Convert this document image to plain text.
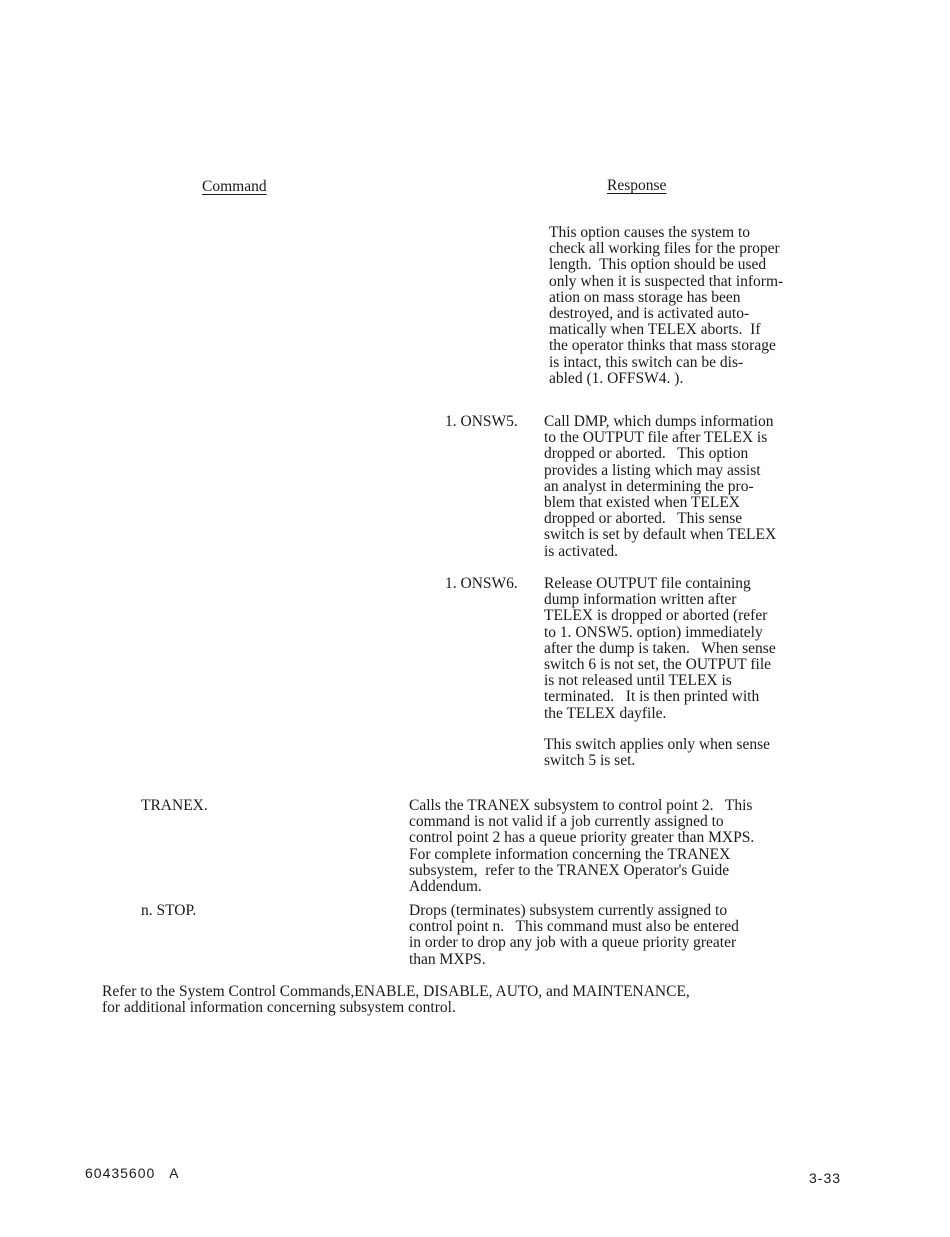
Command	Response
This option causes the system to
check all working files for the proper
length.  This option should be used
only when it is suspected that inform-
ation on mass storage has been
destroyed, and is activated auto-
matically when TELEX aborts.  If
the operator thinks that mass storage
is intact, this switch can be dis-
abled (1. OFFSW4. ).
1. ONSW5. Call DMP, which dumps information
to the OUTPUT file after TELEX is
dropped or aborted.   This option
provides a listing which may assist
an analyst in determining the pro-
blem that existed when TELEX
dropped or aborted.   This sense
switch is set by default when TELEX
is activated.
1. ONSW6. Release OUTPUT file containing
dump information written after
TELEX is dropped or aborted (refer
to 1. ONSW5. option) immediately
after the dump is taken.   When sense
switch 6 is not set, the OUTPUT file
is not released until TELEX is
terminated.   It is then printed with
the TELEX dayfile.
This switch applies only when sense
switch 5 is set.
TRANEX.	Calls the TRANEX subsystem to control point 2.   This
command is not valid if a job currently assigned to
control point 2 has a queue priority greater than MXPS.
For complete information concerning the TRANEX
subsystem,  refer to the TRANEX Operator's Guide
Addendum.
n. STOP.	Drops (terminates) subsystem currently assigned to
control point n.   This command must also be entered
in order to drop any job with a queue priority greater
than MXPS.
Refer to the System Control Commands,ENABLE, DISABLE, AUTO, and MAINTENANCE,
for additional information concerning subsystem control.
60435600   A	3-33
